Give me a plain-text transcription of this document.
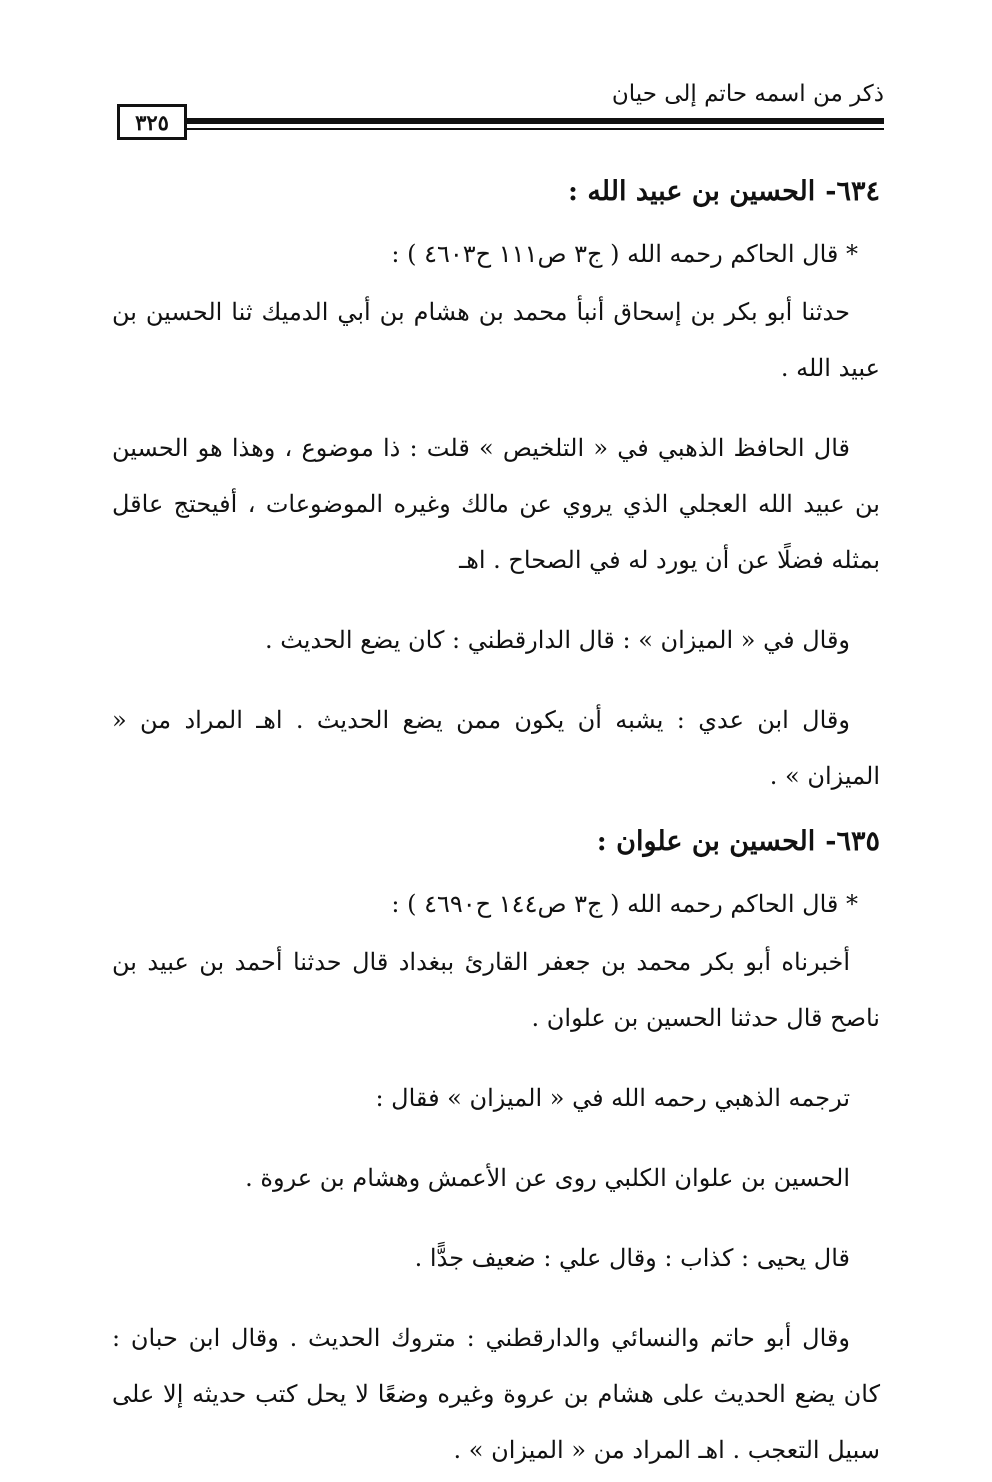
ذكر من اسمه حاتم إلى حيان
٣٢٥
٦٣٤-الحسين بن عبيد الله :
* قال الحاكم رحمه الله ( ج٣ ص١١١ ح٤٦٠٣ ) :

حدثنا أبو بكر بن إسحاق أنبأ محمد بن هشام بن أبي الدميك ثنا الحسين بن عبيد الله .

قال الحافظ الذهبي في « التلخيص » قلت : ذا موضوع ، وهذا هو الحسين بن عبيد الله العجلي الذي يروي عن مالك وغيره الموضوعات ، أفيحتج عاقل بمثله فضلًا عن أن يورد له في الصحاح . اهـ

وقال في « الميزان » : قال الدارقطني : كان يضع الحديث .

وقال ابن عدي : يشبه أن يكون ممن يضع الحديث . اهـ المراد من « الميزان » .

٦٣٥-الحسين بن علوان :
* قال الحاكم رحمه الله ( ج٣ ص١٤٤ ح٤٦٩٠ ) :

أخبرناه أبو بكر محمد بن جعفر القارئ ببغداد قال حدثنا أحمد بن عبيد بن ناصح قال حدثنا الحسين بن علوان .

ترجمه الذهبي رحمه الله في « الميزان » فقال :

الحسين بن علوان الكلبي روى عن الأعمش وهشام بن عروة .

قال يحيى : كذاب : وقال علي : ضعيف جدًّا .

وقال أبو حاتم والنسائي والدارقطني : متروك الحديث . وقال ابن حبان : كان يضع الحديث على هشام بن عروة وغيره وضعًا لا يحل كتب حديثه إلا على سبيل التعجب . اهـ المراد من « الميزان » .
